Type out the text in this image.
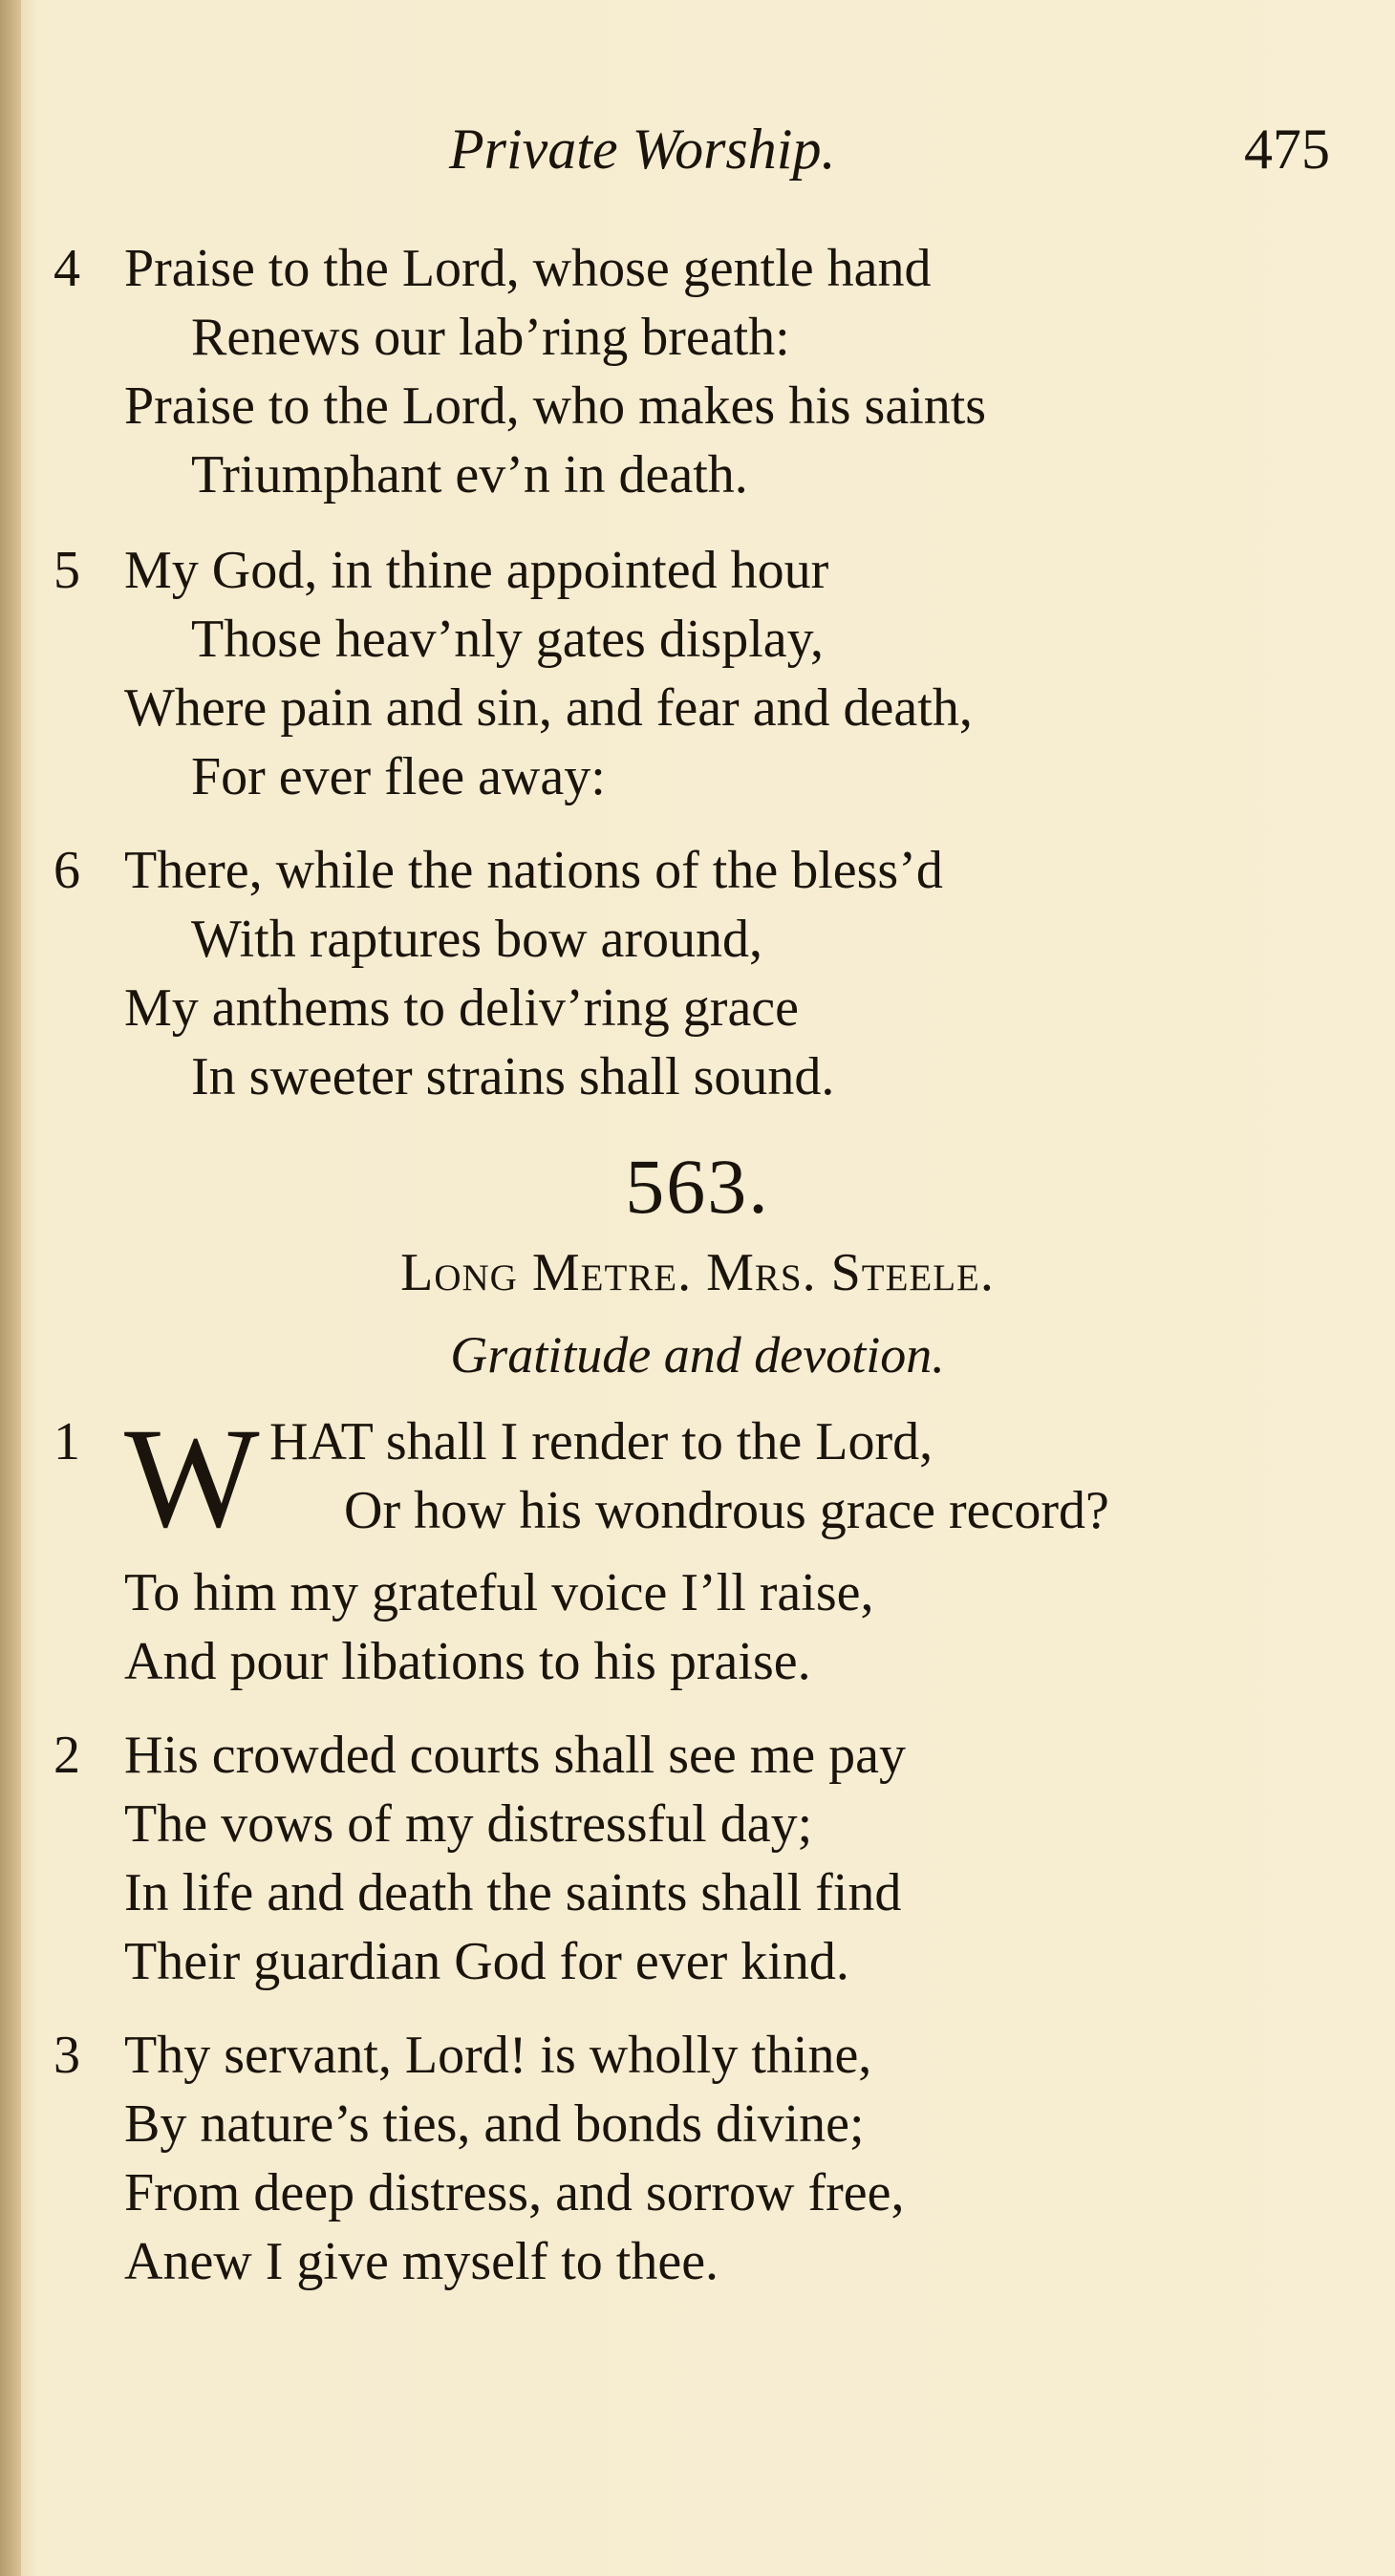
Private Worship.	475
4 Praise to the Lord, whose gentle hand
Renews our lab’ring breath:
Praise to the Lord, who makes his saints
Triumphant ev’n in death.
5 My God, in thine appointed hour
Those heav’nly gates display,
Where pain and sin, and fear and death,
For ever flee away:
6 There, while the nations of the bless’d
With raptures bow around,
My anthems to deliv’ring grace
In sweeter strains shall sound.
563.
Long Metre. Mrs. Steele.
Gratitude and devotion.
W
1	HAT shall I render to the Lord,
Or how his wondrous grace record?
To him my grateful voice I’ll raise,
And pour libations to his praise.
2 His crowded courts shall see me pay
The vows of my distressful day;
In life and death the saints shall find
Their guardian God for ever kind.
3 Thy servant, Lord! is wholly thine,
By nature’s ties, and bonds divine;
From deep distress, and sorrow free,
Anew I give myself to thee.
